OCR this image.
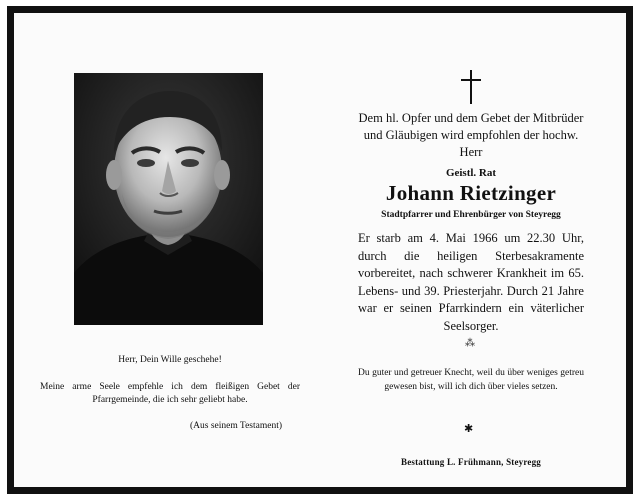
Herr, Dein Wille geschehe!
Meine arme Seele empfehle ich dem fleißigen Gebet der Pfarrgemeinde, die ich sehr geliebt habe.
(Aus seinem Testament)
Dem hl. Opfer und dem Gebet der Mitbrüder und Gläubigen wird empfohlen der hochw. Herr
Geistl. Rat
Johann Rietzinger
Stadtpfarrer und Ehrenbürger von Steyregg
Er starb am 4. Mai 1966 um 22.30 Uhr, durch die heiligen Sterbesakramente vorbereitet, nach schwerer Krankheit im 65. Lebens- und 39. Priesterjahr. Durch 21 Jahre war er seinen Pfarrkindern ein väterlicher Seelsorger.
⁂
Du guter und getreuer Knecht, weil du über weniges getreu gewesen bist, will ich dich über vieles setzen.
✱
Bestattung L. Frühmann, Steyregg
